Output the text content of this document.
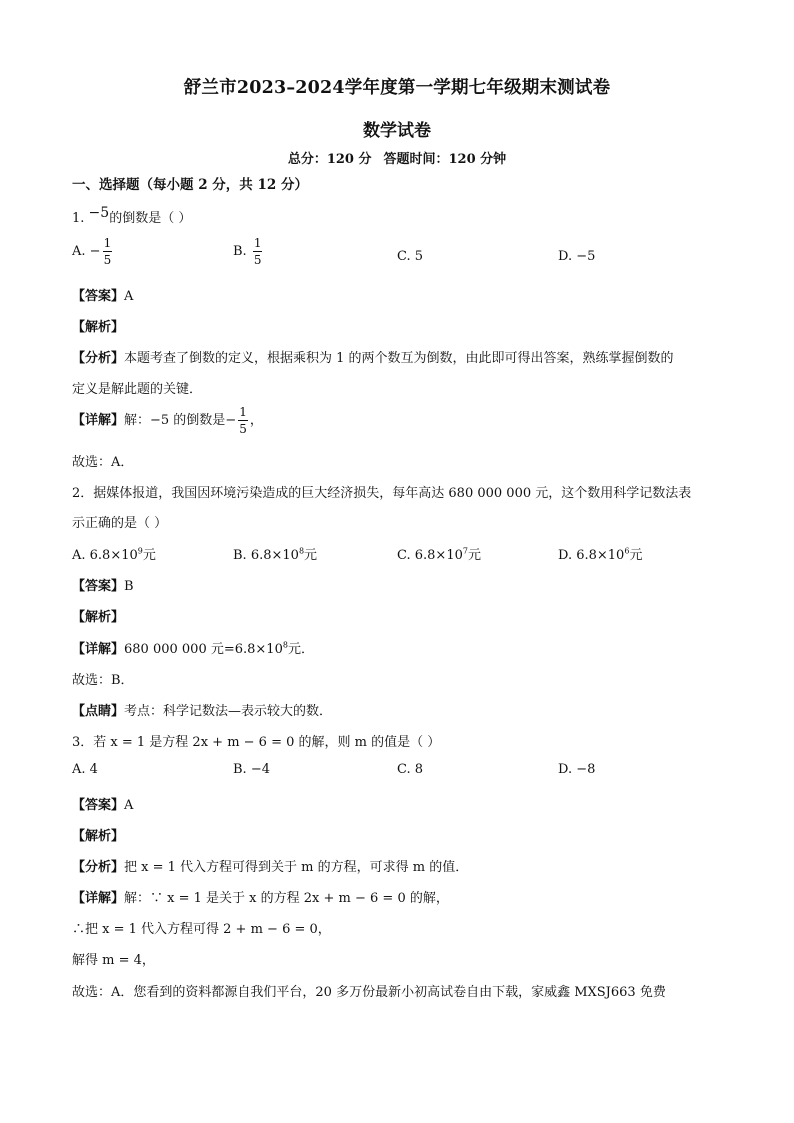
舒兰市2023–2024学年度第一学期七年级期末测试卷
数学试卷
总分：120 分 答题时间：120 分钟
一、选择题（每小题 2 分，共 12 分）
1. −5的倒数是（ ）
A. − $\frac{1}{5}$	B. $\frac{1}{5}$	C. 5	D. −5
【答案】A
【解析】
【分析】本题考查了倒数的定义，根据乘积为 1 的两个数互为倒数，由此即可得出答案，熟练掌握倒数的
定义是解此题的关键．
【详解】解：−5 的倒数是− $\frac{1}{5}$ ，
故选：A．
2．据媒体报道，我国因环境污染造成的巨大经济损失，每年高达 680 000 000 元，这个数用科学记数法表
示正确的是（ ）
A. $6.8\times 10^9$元	B. $6.8\times 10^8$元	C. $6.8\times 10^7$元	D. $6.8\times 10^6$元
【答案】B
【解析】
【详解】680 000 000 元$=6.8\times 10^8$元．
故选：B．
【点睛】考点：科学记数法—表示较大的数．
3．若 x = 1 是方程 2x + m − 6 = 0 的解，则 m 的值是（ ）
A. 4	B. −4	C. 8	D. −8
【答案】A
【解析】
【分析】把 x = 1 代入方程可得到关于 m 的方程，可求得 m 的值．
【详解】解：∵ x = 1 是关于 x 的方程 2x + m − 6 = 0 的解，
∴把 x = 1 代入方程可得 2 + m − 6 = 0，
解得 m = 4，
故选：A．您看到的资料都源自我们平台，20 多万份最新小初高试卷自由下载，家威鑫 MXSJ663 免费
